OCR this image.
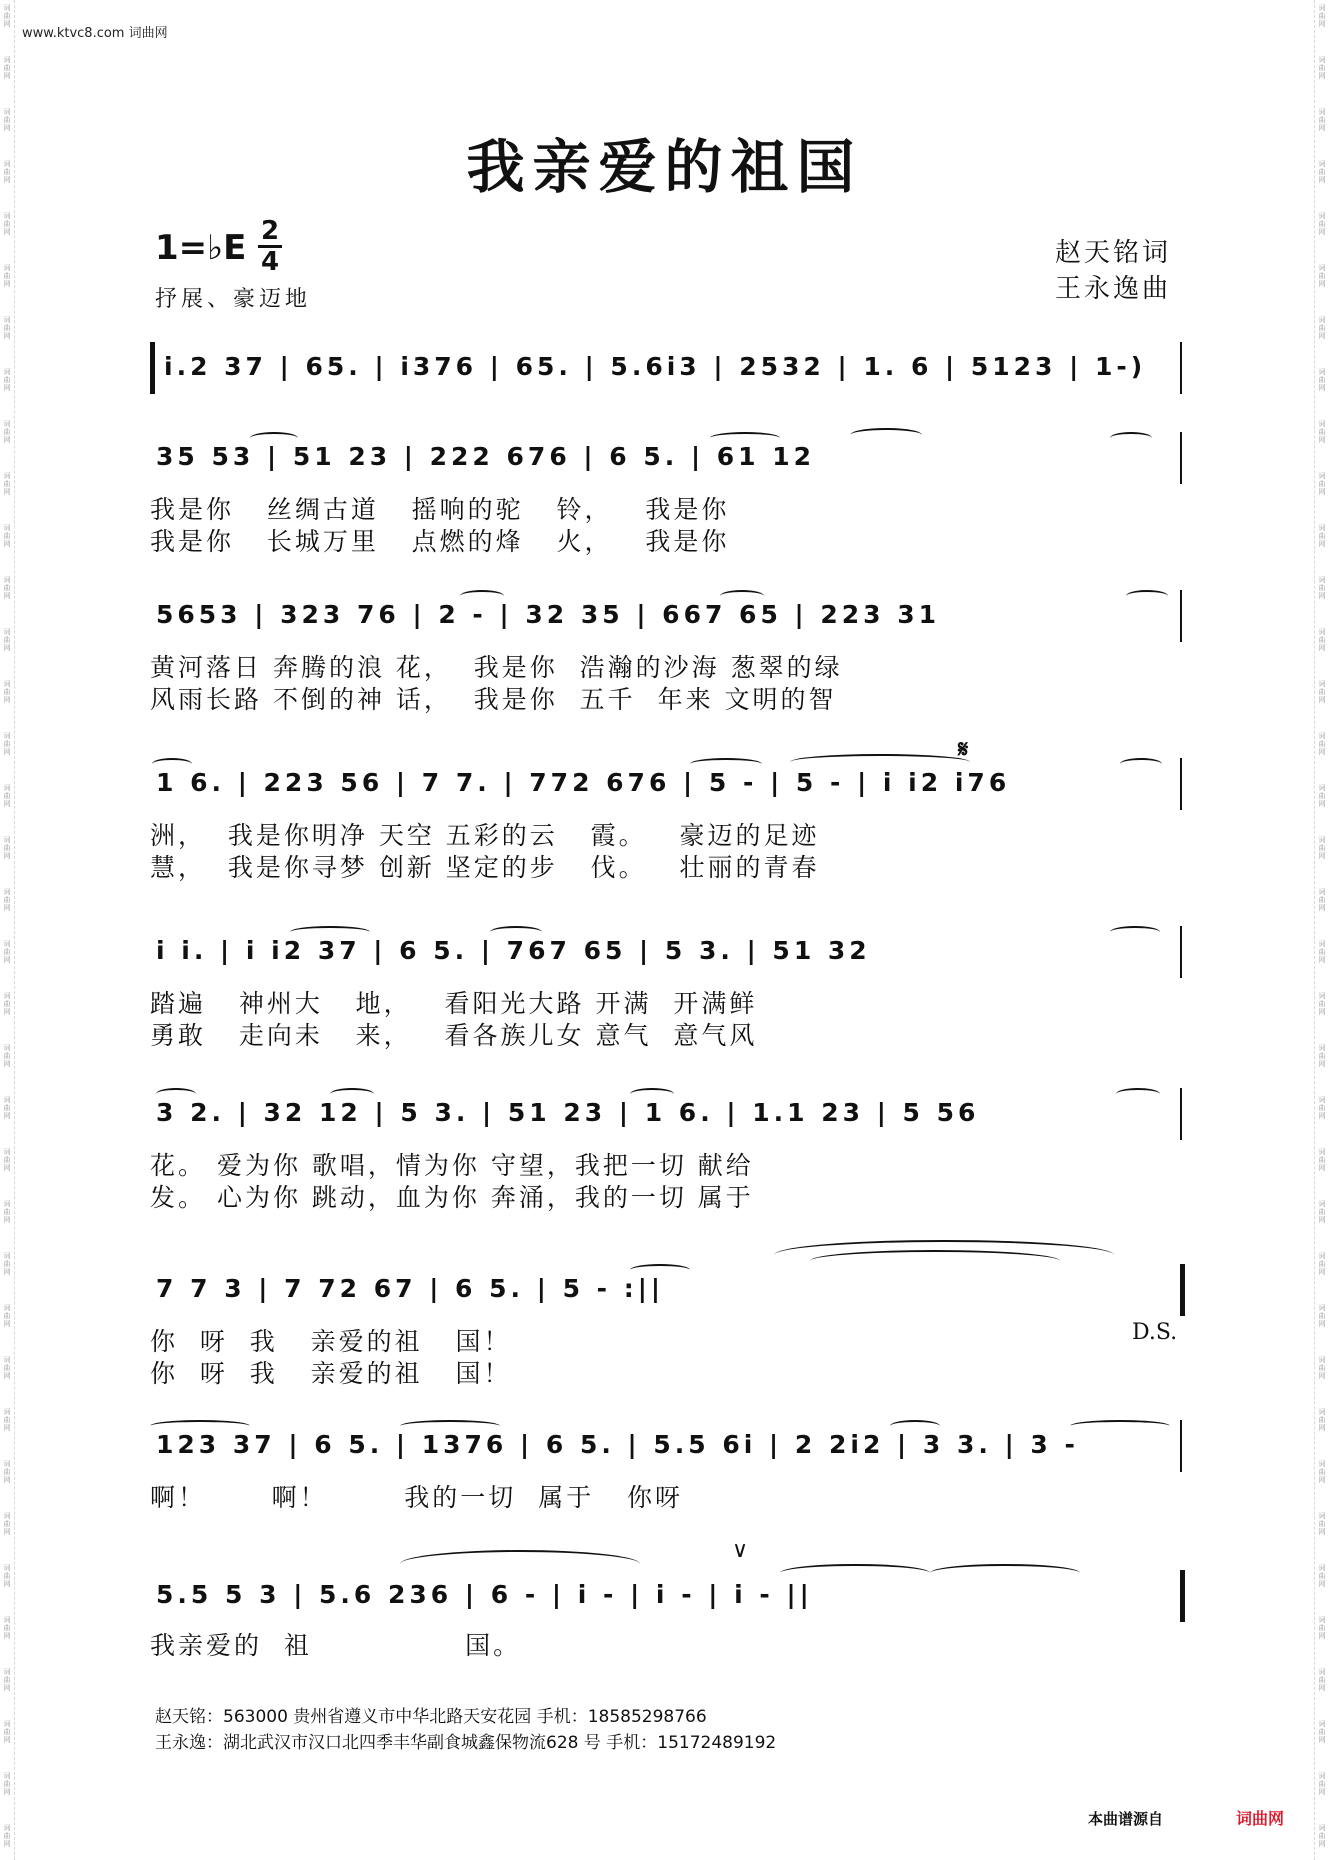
www.ktvc8.com 词曲网
词
曲
网
词
曲
网
词
曲
网
词
曲
网
词
曲
网
词
曲
网
词
曲
网
词
曲
网
词
曲
网
词
曲
网
词
曲
网
词
曲
网
词
曲
网
词
曲
网
词
曲
网
词
曲
网
词
曲
网
词
曲
网
词
曲
网
词
曲
网
词
曲
网
词
曲
网
词
曲
网
词
曲
网
词
曲
网
词
曲
网
词
曲
网
词
曲
网
词
曲
网
词
曲
网
词
曲
网
词
曲
网
词
曲
网
词
曲
网
词
曲
网
词
曲
网
词
曲
网
词
曲
网
词
曲
网
词
曲
网
词
曲
网
词
曲
网
词
曲
网
词
曲
网
词
曲
网
词
曲
网
词
曲
网
词
曲
网
词
曲
网
词
曲
网
词
曲
网
词
曲
网
词
曲
网
词
曲
网
词
曲
网
词
曲
网
词
曲
网
词
曲
网
词
曲
网
词
曲
网
词
曲
网
词
曲
网
词
曲
网
词
曲
网
词
曲
网
词
曲
网
词
曲
网
词
曲
网
词
曲
网
词
曲
网
词
曲
网
词
曲
网
我亲爱的祖国
1=♭E 2
4
抒展、豪迈地
赵天铭词
王永逸曲
i.2 37 | 65. | i376 | 65. | 5.6i3 | 2532 | 1. 6 | 5123 | 1-)
35 53 | 51 23 | 222 676 | 6 5. | 61 12
我是你   丝绸古道   摇响的驼   铃，   我是你
我是你   长城万里   点燃的烽   火，   我是你
5653 | 323 76 | 2 - | 32 35 | 667 65 | 223 31
黄河落日 奔腾的浪 花，  我是你  浩瀚的沙海 葱翠的绿
风雨长路 不倒的神 话，  我是你  五千  年来 文明的智
1 6. | 223 56 | 7 7. | 772 676 | 5 - | 5 - | i i2 i76
𝄋
洲，  我是你明净 天空 五彩的云   霞。   豪迈的足迹
慧，  我是你寻梦 创新 坚定的步   伐。   壮丽的青春
i i. | i i2 37 | 6 5. | 767 65 | 5 3. | 51 32
踏遍   神州大   地，   看阳光大路 开满  开满鲜
勇敢   走向未   来，   看各族儿女 意气  意气风
3 2. | 32 12 | 5 3. | 51 23 | 1 6. | 1.1 23 | 5 56
花。 爱为你 歌唱，情为你 守望，我把一切 献给
发。 心为你 跳动，血为你 奔涌，我的一切 属于
7 7 3 | 7 72 67 | 6 5. | 5 - :||
你  呀  我   亲爱的祖   国！
你  呀  我   亲爱的祖   国！
D.S.
123 37 | 6 5. | 1376 | 6 5. | 5.5 6i | 2 2i2 | 3 3. | 3 -
啊！      啊！       我的一切  属于   你呀
5.5 5 3 | 5.6 236 | 6 - | i - | i - | i - ||
∨
我亲爱的  祖              国。
赵天铭：563000 贵州省遵义市中华北路天安花园 手机：18585298766
王永逸：湖北武汉市汉口北四季丰华副食城鑫保物流628 号 手机：15172489192
本曲谱源自	词曲网
